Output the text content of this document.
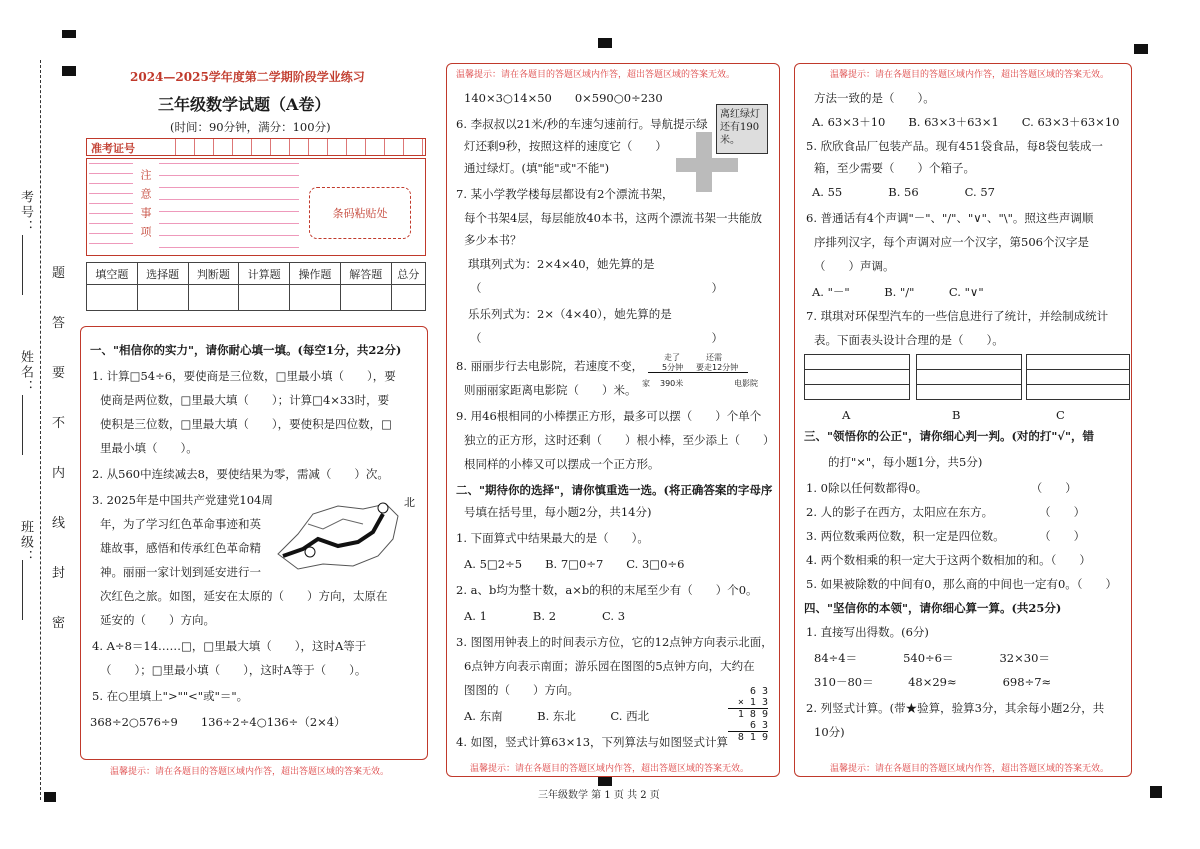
班级：
姓名：
考号：
题
答
要
不
内
线
封
密
2024—2025学年度第二学期阶段学业练习
三年级数学试题（A卷）
(时间：90分钟，满分：100分)
准考证号
注意事项	条码粘贴处
填空题	选择题	判断题	计算题	操作题	解答题	总分

一、"相信你的实力"，请你耐心填一填。(每空1分，共22分)
1. 计算□54÷6，要使商是三位数，□里最小填（　　），要
使商是两位数，□里最大填（　　）；计算□4×33时，要
使积是三位数，□里最大填（　　），要使积是四位数，□
里最小填（　　）。
2. 从560中连续减去8，要使结果为零，需减（　　）次。
3. 2025年是中国共产党建党104周
年，为了学习红色革命事迹和英
雄故事，感悟和传承红色革命精
神。丽丽一家计划到延安进行一
次红色之旅。如图，延安在太原的（　　）方向，太原在
延安的（　　）方向。
4. A÷8＝14……□，□里最大填（　　），这时A等于
（　　）；□里最小填（　　），这时A等于（　　）。
5. 在○里填上">""<"或"＝"。
368÷2○576÷9　　136÷2÷4○136÷（2×4）
温馨提示：请在各题目的答题区域内作答，超出答题区域的答案无效。
北
温馨提示：请在各题目的答题区域内作答，超出答题区域的答案无效。
140×3○14×50　　0×590○0÷230
6. 李叔叔以21米/秒的车速匀速前行。导航提示绿
灯还剩9秒，按照这样的速度它（　　）
通过绿灯。(填"能"或"不能")
7. 某小学教学楼每层都设有2个漂流书架，
每个书架4层，每层能放40本书，这两个漂流书架一共能放
多少本书？
琪琪列式为：2×4×40，她先算的是
（　　　　　　　　　　　　　　　　　　　　）
乐乐列式为：2×（4×40），她先算的是
（　　　　　　　　　　　　　　　　　　　　）
8. 丽丽步行去电影院，若速度不变，
则丽丽家距离电影院（　　）米。
9. 用46根相同的小棒摆正方形，最多可以摆（　　）个单个
独立的正方形，这时还剩（　　）根小棒，至少添上（　　）
根同样的小棒又可以摆成一个正方形。
二、"期待你的选择"，请你慎重选一选。(将正确答案的字母序
号填在括号里，每小题2分，共14分)
1. 下面算式中结果最大的是（　　）。
A. 5□2÷5　　B. 7□0÷7　　C. 3□0÷6
2. a、b均为整十数，a×b的积的末尾至少有（　　）个0。
A. 1　　　　B. 2　　　　C. 3
3. 图图用钟表上的时间表示方位，它的12点钟方向表示北面，
6点钟方向表示南面；游乐园在图图的5点钟方向，大约在
图图的（　　）方向。
A. 东南　　　B. 东北　　　C. 西北
4. 如图，竖式计算63×13，下列算法与如图竖式计算
温馨提示：请在各题目的答题区域内作答，超出答题区域的答案无效。
离红绿灯还有190米。
走了
5分钟
还需
要走12分钟
390米
家	电影院
6 3
× 1 3
1 8 9
6 3
8 1 9
温馨提示：请在各题目的答题区域内作答，超出答题区域的答案无效。
方法一致的是（　　）。
A. 63×3＋10　　B. 63×3＋63×1　　C. 63×3＋63×10
5. 欣欣食品厂包装产品。现有451袋食品，每8袋包装成一
箱，至少需要（　　）个箱子。
A. 55　　　　B. 56　　　　C. 57
6. 普通话有4个声调"－"、"/"、"∨"、"\"。照这些声调顺
序排列汉字，每个声调对应一个汉字，第506个汉字是
（　　）声调。
A. "－"　　　B. "/"　　　C. "∨"
7. 琪琪对环保型汽车的一些信息进行了统计，并绘制成统计
表。下面表头设计合理的是（　　）。
三、"领悟你的公正"，请你细心判一判。(对的打"√"，错
的打"×"，每小题1分，共5分)
1. 0除以任何数都得0。　　　　　　　　　　（　　）
2. 人的影子在西方，太阳应在东方。　　　　　（　　）
3. 两位数乘两位数，积一定是四位数。　　　　（　　）
4. 两个数相乘的积一定大于这两个数相加的和。（　　）
5. 如果被除数的中间有0，那么商的中间也一定有0。（　　）
四、"坚信你的本领"，请你细心算一算。(共25分)
1. 直接写出得数。(6分)
84÷4＝　　　　540÷6＝　　　　32×30＝
310－80＝　　　48×29≈　　　　698÷7≈
2. 列竖式计算。(带★验算，验算3分，其余每小题2分，共
10分)
温馨提示：请在各题目的答题区域内作答，超出答题区域的答案无效。
A	B	C
三年级数学 第 1 页 共 2 页
